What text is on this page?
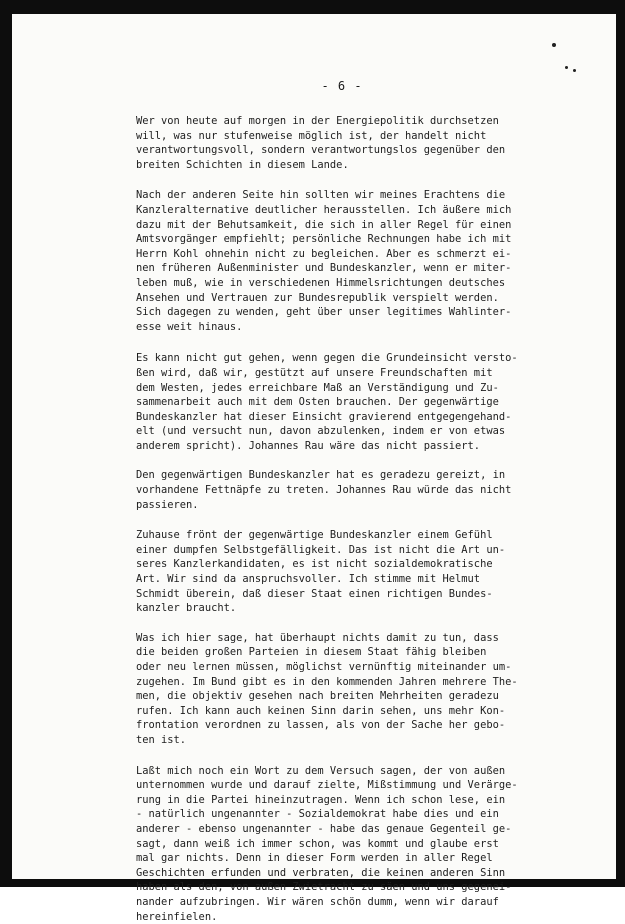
- 6 -

Wer von heute auf morgen in der Energiepolitik durchsetzen
will, was nur stufenweise möglich ist, der handelt nicht
verantwortungsvoll, sondern verantwortungslos gegenüber den
breiten Schichten in diesem Lande.

Nach der anderen Seite hin sollten wir meines Erachtens die
Kanzleralternative deutlicher herausstellen. Ich äußere mich
dazu mit der Behutsamkeit, die sich in aller Regel für einen
Amtsvorgänger empfiehlt; persönliche Rechnungen habe ich mit
Herrn Kohl ohnehin nicht zu begleichen. Aber es schmerzt ei-
nen früheren Außenminister und Bundeskanzler, wenn er miter-
leben muß, wie in verschiedenen Himmelsrichtungen deutsches
Ansehen und Vertrauen zur Bundesrepublik verspielt werden.
Sich dagegen zu wenden, geht über unser legitimes Wahlinter-
esse weit hinaus.

Es kann nicht gut gehen, wenn gegen die Grundeinsicht versto-
ßen wird, daß wir, gestützt auf unsere Freundschaften mit
dem Westen, jedes erreichbare Maß an Verständigung und Zu-
sammenarbeit auch mit dem Osten brauchen. Der gegenwärtige
Bundeskanzler hat dieser Einsicht gravierend entgegengehand-
elt (und versucht nun, davon abzulenken, indem er von etwas
anderem spricht). Johannes Rau wäre das nicht passiert.

Den gegenwärtigen Bundeskanzler hat es geradezu gereizt, in
vorhandene Fettnäpfe zu treten. Johannes Rau würde das nicht
passieren.

Zuhause frönt der gegenwärtige Bundeskanzler einem Gefühl
einer dumpfen Selbstgefälligkeit. Das ist nicht die Art un-
seres Kanzlerkandidaten, es ist nicht sozialdemokratische
Art. Wir sind da anspruchsvoller. Ich stimme mit Helmut
Schmidt überein, daß dieser Staat einen richtigen Bundes-
kanzler braucht.

Was ich hier sage, hat überhaupt nichts damit zu tun, dass
die beiden großen Parteien in diesem Staat fähig bleiben
oder neu lernen müssen, möglichst vernünftig miteinander um-
zugehen. Im Bund gibt es in den kommenden Jahren mehrere The-
men, die objektiv gesehen nach breiten Mehrheiten geradezu
rufen. Ich kann auch keinen Sinn darin sehen, uns mehr Kon-
frontation verordnen zu lassen, als von der Sache her gebo-
ten ist.

Laßt mich noch ein Wort zu dem Versuch sagen, der von außen
unternommen wurde und darauf zielte, Mißstimmung und Verärge-
rung in die Partei hineinzutragen. Wenn ich schon lese, ein
- natürlich ungenannter - Sozialdemokrat habe dies und ein
anderer - ebenso ungenannter - habe das genaue Gegenteil ge-
sagt, dann weiß ich immer schon, was kommt und glaube erst
mal gar nichts. Denn in dieser Form werden in aller Regel
Geschichten erfunden und verbraten, die keinen anderen Sinn
haben als den, von außen Zwietracht zu säen und uns gegenei-
nander aufzubringen. Wir wären schön dumm, wenn wir darauf
hereinfielen.
